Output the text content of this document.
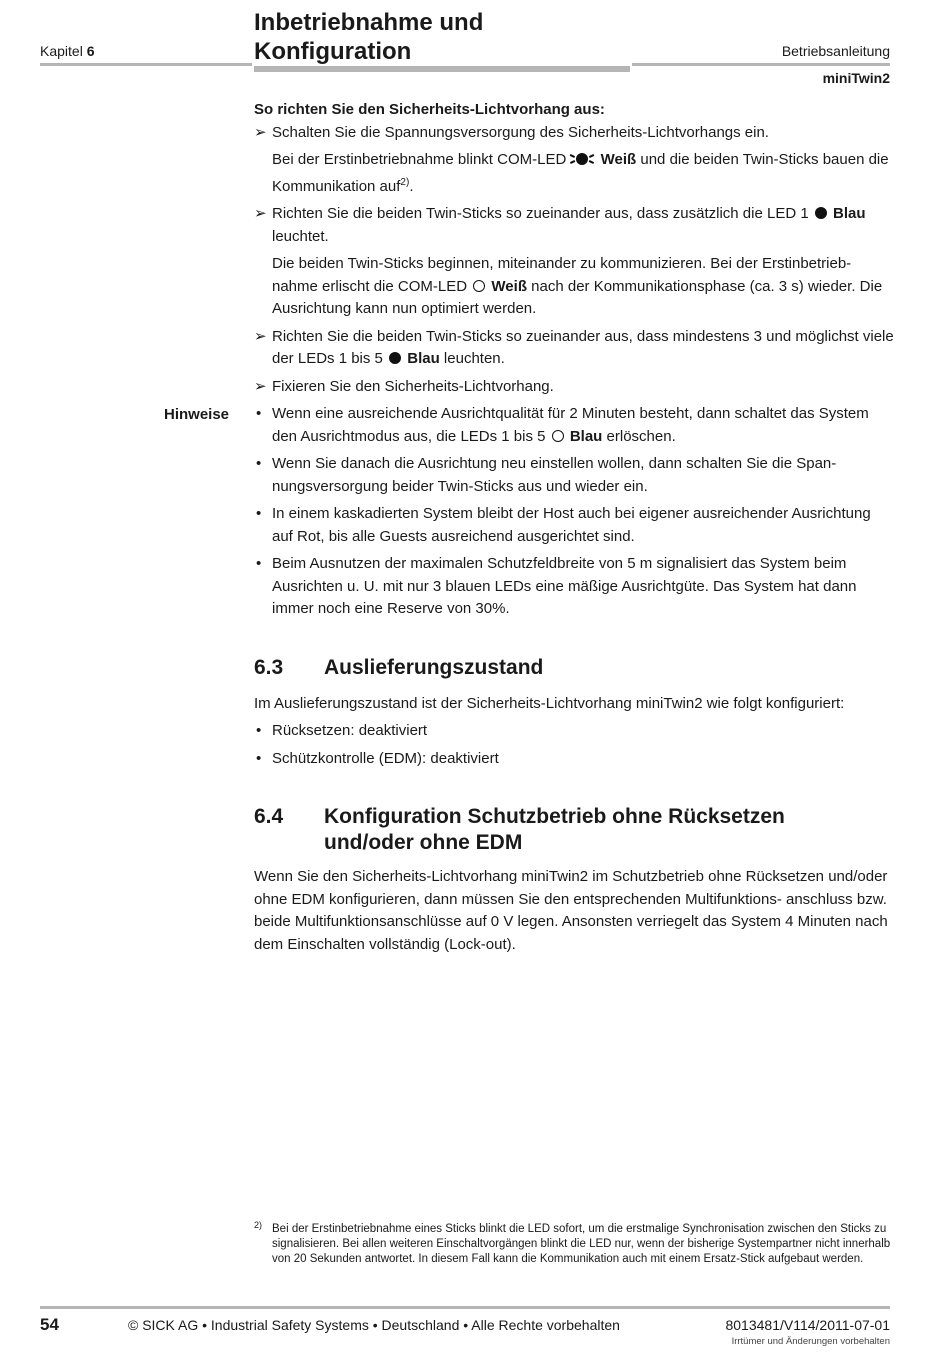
Kapitel 6
Inbetriebnahme und
Konfiguration	Betriebsanleitung
miniTwin2
Hinweise

So richten Sie den Sicherheits-Lichtvorhang aus:

➢ Schalten Sie die Spannungsversorgung des Sicherheits-Lichtvorhangs ein.
Bei der Erstinbetriebnahme blinkt COM-LED Weiß und die beiden Twin-Sticks bauen die Kommunikation auf$^{2)}$.
➢ Richten Sie die beiden Twin-Sticks so zueinander aus, dass zusätzlich die LED 1 Blau leuchtet.
Die beiden Twin-Sticks beginnen, miteinander zu kommunizieren. Bei der Erstinbetrieb- nahme erlischt die COM-LED Weiß nach der Kommunikationsphase (ca. 3 s) wieder. Die Ausrichtung kann nun optimiert werden.
➢ Richten Sie die beiden Twin-Sticks so zueinander aus, dass mindestens 3 und möglichst viele der LEDs 1 bis 5 Blau leuchten.
➢ Fixieren Sie den Sicherheits-Lichtvorhang.
• Wenn eine ausreichende Ausrichtqualität für 2 Minuten besteht, dann schaltet das System den Ausrichtmodus aus, die LEDs 1 bis 5 Blau erlöschen.
• Wenn Sie danach die Ausrichtung neu einstellen wollen, dann schalten Sie die Span- nungsversorgung beider Twin-Sticks aus und wieder ein.
• In einem kaskadierten System bleibt der Host auch bei eigener ausreichender Ausrichtung auf Rot, bis alle Guests ausreichend ausgerichtet sind.
• Beim Ausnutzen der maximalen Schutzfeldbreite von 5 m signalisiert das System beim Ausrichten u. U. mit nur 3 blauen LEDs eine mäßige Ausrichtgüte. Das System hat dann immer noch eine Reserve von 30%.
6.3 Auslieferungszustand

Im Auslieferungszustand ist der Sicherheits-Lichtvorhang miniTwin2 wie folgt konfiguriert:

• Rücksetzen: deaktiviert
• Schützkontrolle (EDM): deaktiviert
6.4 Konfiguration Schutzbetrieb ohne Rücksetzen
und/oder ohne EDM

Wenn Sie den Sicherheits-Lichtvorhang miniTwin2 im Schutzbetrieb ohne Rücksetzen und/oder ohne EDM konfigurieren, dann müssen Sie den entsprechenden Multifunktions- anschluss bzw. beide Multifunktionsanschlüsse auf 0 V legen. Ansonsten verriegelt das System 4 Minuten nach dem Einschalten vollständig (Lock-out).

2) Bei der Erstinbetriebnahme eines Sticks blinkt die LED sofort, um die erstmalige Synchronisation zwischen den Sticks zu signalisieren. Bei allen weiteren Einschaltvorgängen blinkt die LED nur, wenn der bisherige Systempartner nicht innerhalb von 20 Sekunden antwortet. In diesem Fall kann die Kommunikation auch mit einem Ersatz-Stick aufgebaut werden.
54	© SICK AG • Industrial Safety Systems • Deutschland • Alle Rechte vorbehalten	8013481/V114/2011-07-01
Irrtümer und Änderungen vorbehalten
